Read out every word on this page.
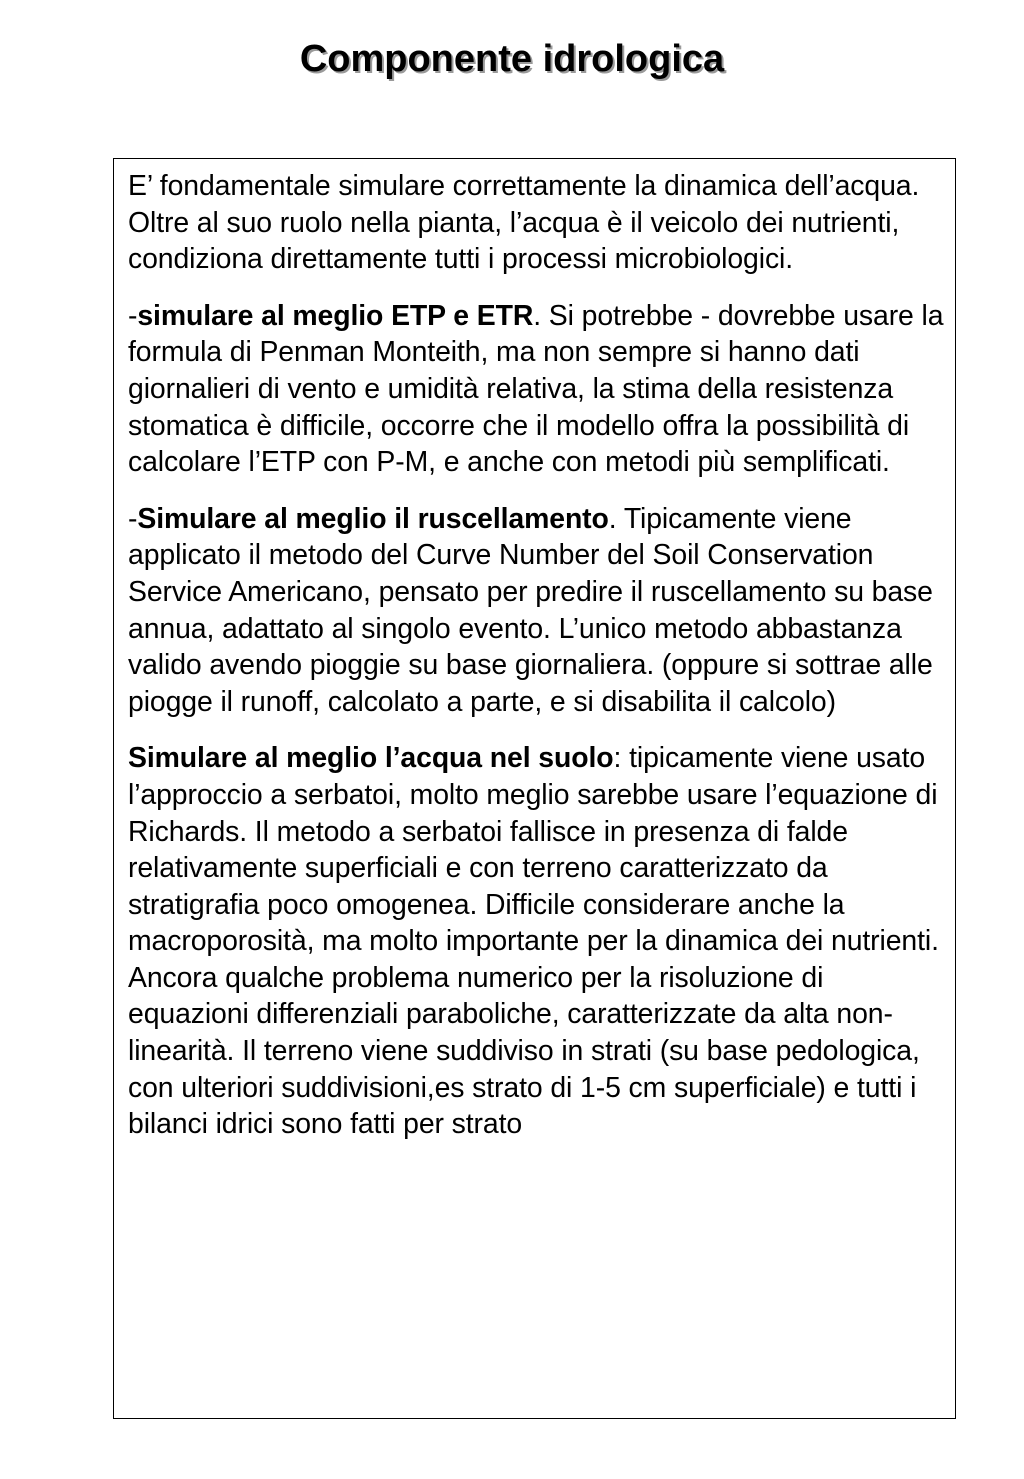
Componente idrologica

E’ fondamentale simulare correttamente la dinamica dell’acqua. Oltre al suo ruolo nella pianta, l’acqua è il veicolo dei nutrienti, condiziona direttamente tutti i processi microbiologici.

-simulare al meglio ETP e ETR. Si potrebbe - dovrebbe usare la formula di Penman Monteith, ma non sempre si hanno dati giornalieri di vento e umidità relativa, la stima della resistenza stomatica è difficile, occorre che il modello offra la possibilità di calcolare l’ETP con P-M, e anche con metodi più semplificati.

-Simulare al meglio il ruscellamento. Tipicamente viene applicato il metodo del Curve Number del Soil Conservation Service Americano, pensato per predire il ruscellamento su base annua, adattato al singolo evento. L’unico metodo abbastanza valido avendo pioggie su base giornaliera. (oppure si sottrae alle piogge il runoff, calcolato a parte, e si disabilita il calcolo)

Simulare al meglio l’acqua nel suolo: tipicamente viene usato l’approccio a serbatoi, molto meglio sarebbe usare l’equazione di Richards. Il metodo a serbatoi fallisce in presenza di falde relativamente superficiali e con terreno caratterizzato da stratigrafia poco omogenea. Difficile considerare anche la macroporosità, ma molto importante per la dinamica dei nutrienti. Ancora qualche problema numerico per la risoluzione di equazioni differenziali paraboliche, caratterizzate da alta non-linearità. Il terreno viene suddiviso in strati (su base pedologica, con ulteriori suddivisioni,es strato di 1-5 cm superficiale) e tutti i bilanci idrici sono fatti per strato
